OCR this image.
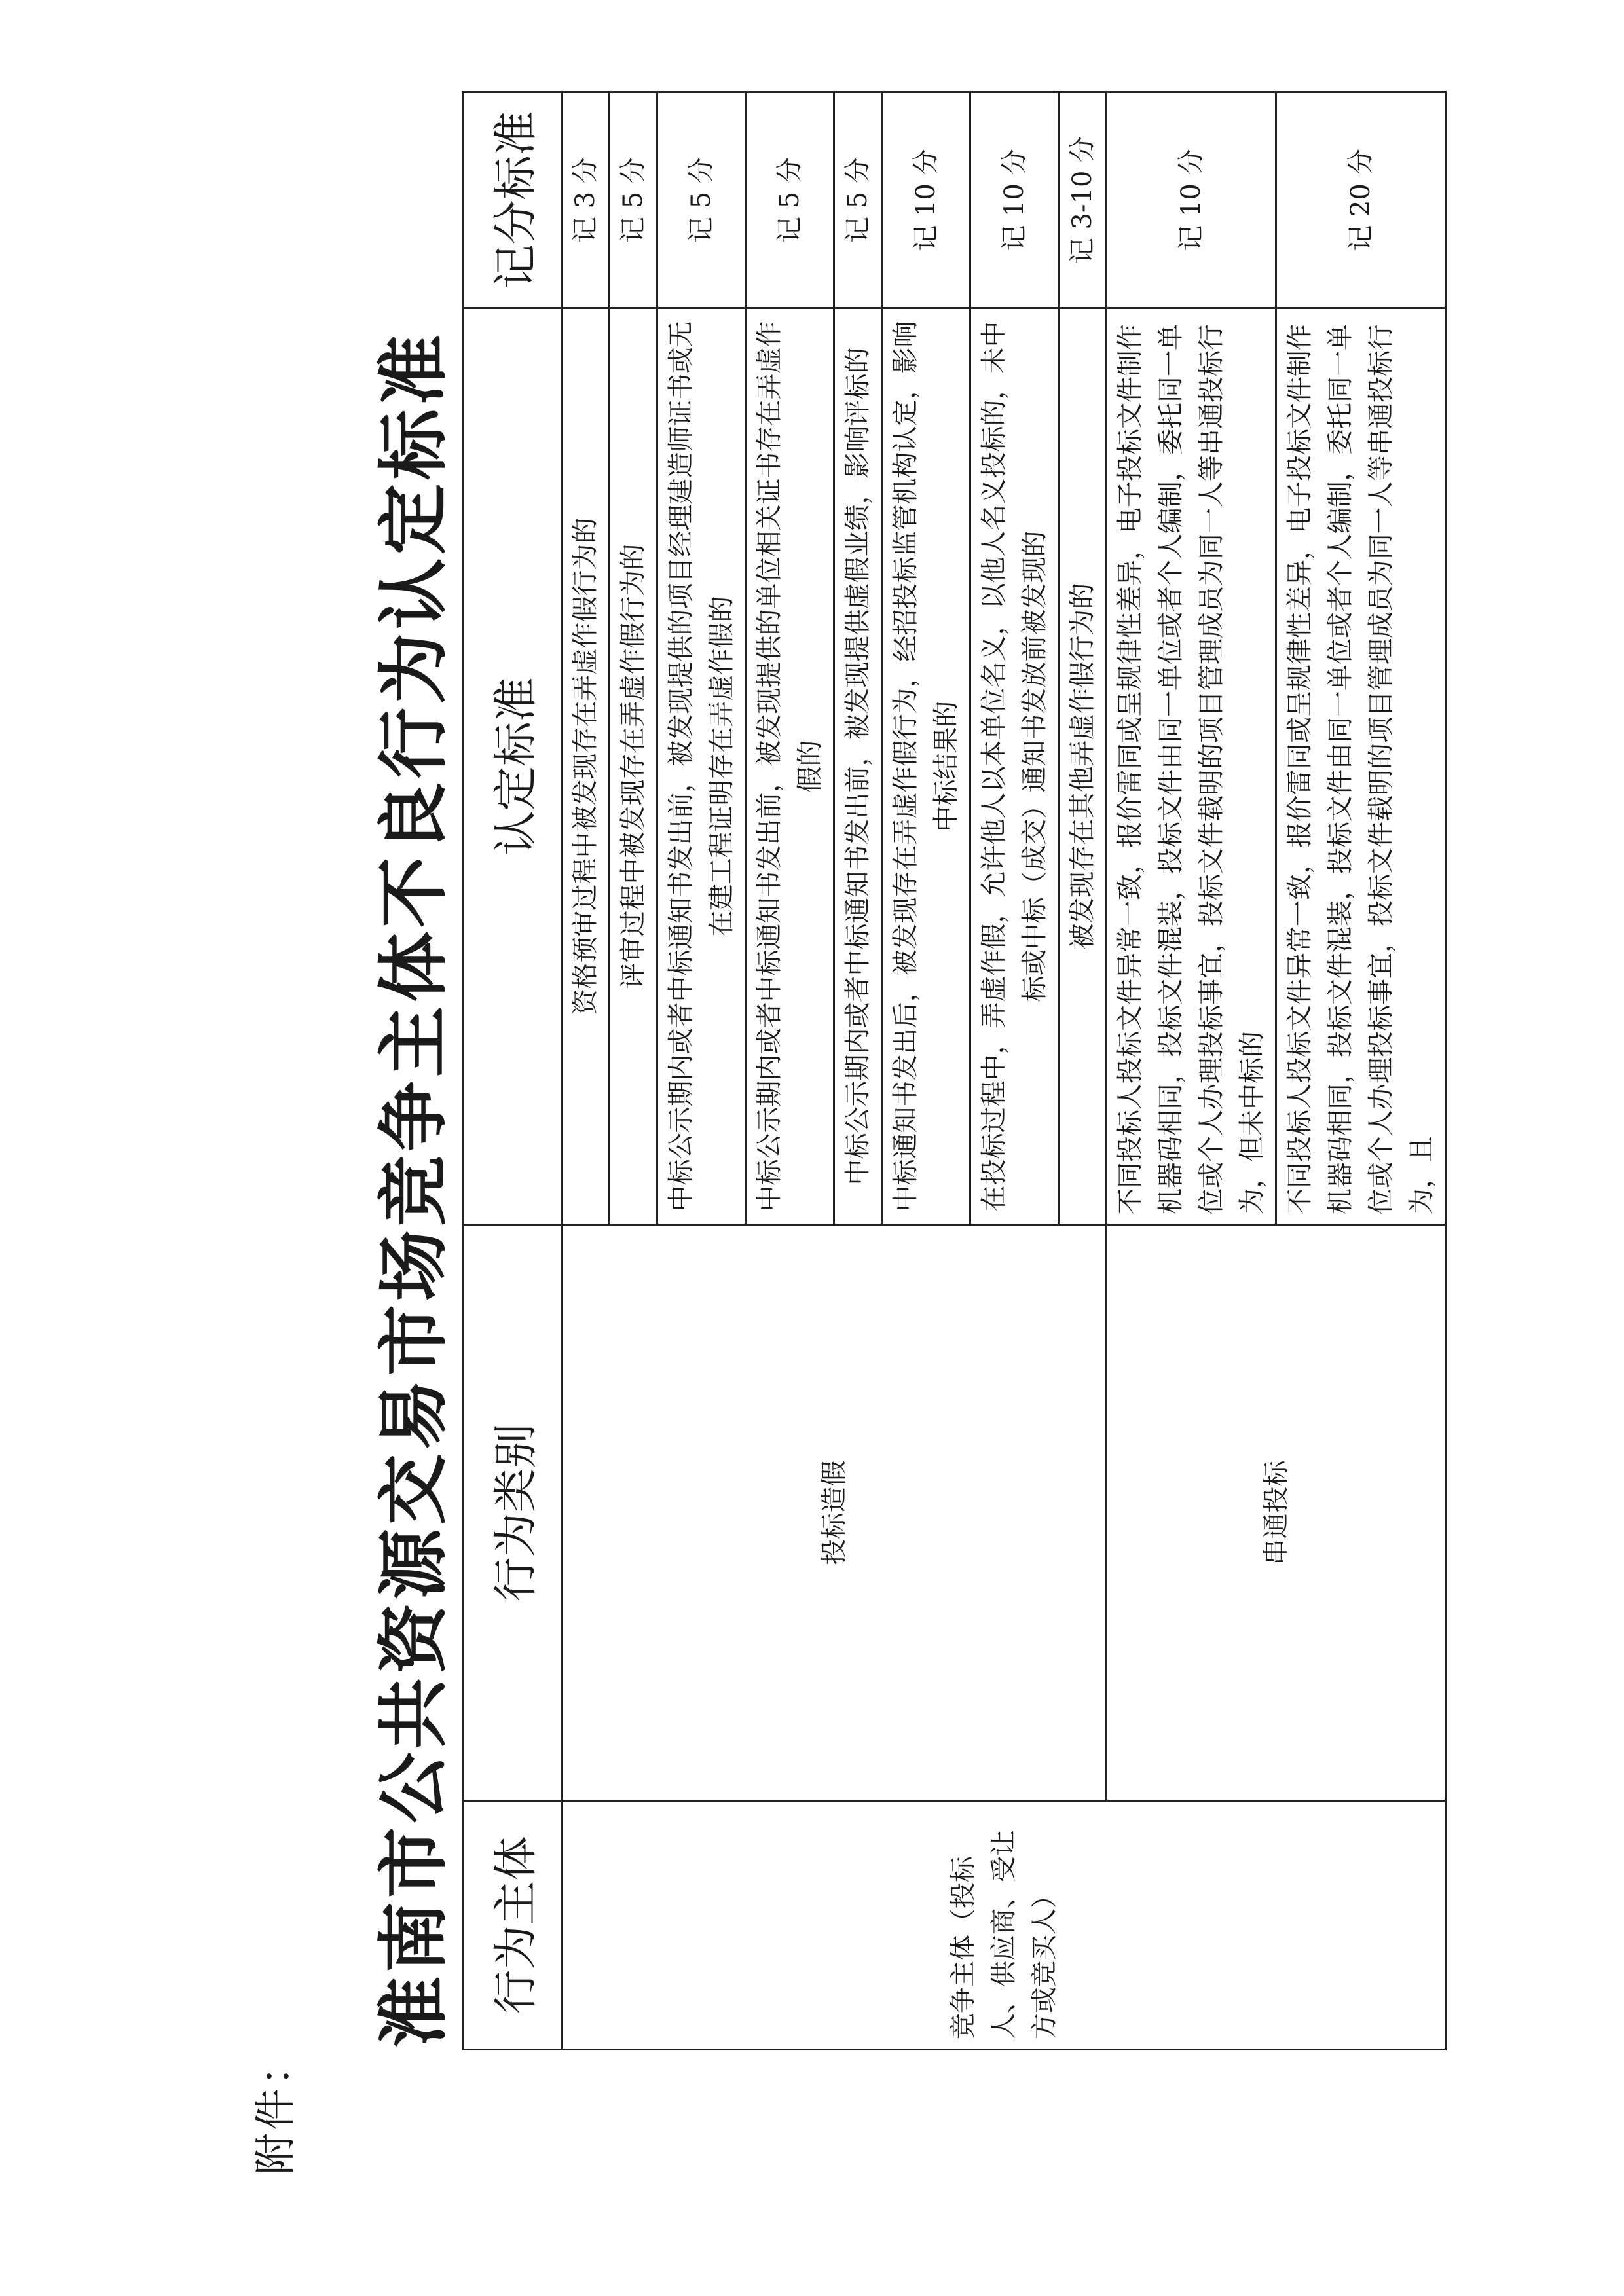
附件：
淮南市公共资源交易市场竞争主体不良行为认定标准 行为主体	行为类别	认定标准	记分标准
竞争主体（投标人、供应商、受让方或竞买人）	投标造假	资格预审过程中被发现存在弄虚作假行为的	记 3 分
		评审过程中被发现存在弄虚作假行为的	记 5 分
		中标公示期内或者中标通知书发出前，被发现提供的项目经理建造师证书或无在建工程证明存在弄虚作假的	记 5 分
		中标公示期内或者中标通知书发出前，被发现提供的单位相关证书存在弄虚作假的	记 5 分
		中标公示期内或者中标通知书发出前，被发现提供虚假业绩，影响评标的	记 5 分
		中标通知书发出后，被发现存在弄虚作假行为，经招投标监管机构认定，影响中标结果的	记 10 分
		在投标过程中，弄虚作假，允许他人以本单位名义，以他人名义投标的，未中标或中标（成交）通知书发放前被发现的	记 10 分
		被发现存在其他弄虚作假行为的	记 3-10 分
	串通投标	不同投标人投标文件异常一致，报价雷同或呈规律性差异，电子投标文件制作机器码相同，投标文件混装，投标文件由同一单位或者个人编制，委托同一单位或个人办理投标事宜，投标文件载明的项目管理成员为同一人等串通投标行为，但未中标的	记 10 分
		不同投标人投标文件异常一致，报价雷同或呈规律性差异，电子投标文件制作机器码相同，投标文件混装，投标文件由同一单位或者个人编制，委托同一单位或个人办理投标事宜，投标文件载明的项目管理成员为同一人等串通投标行为，且	记 20 分
